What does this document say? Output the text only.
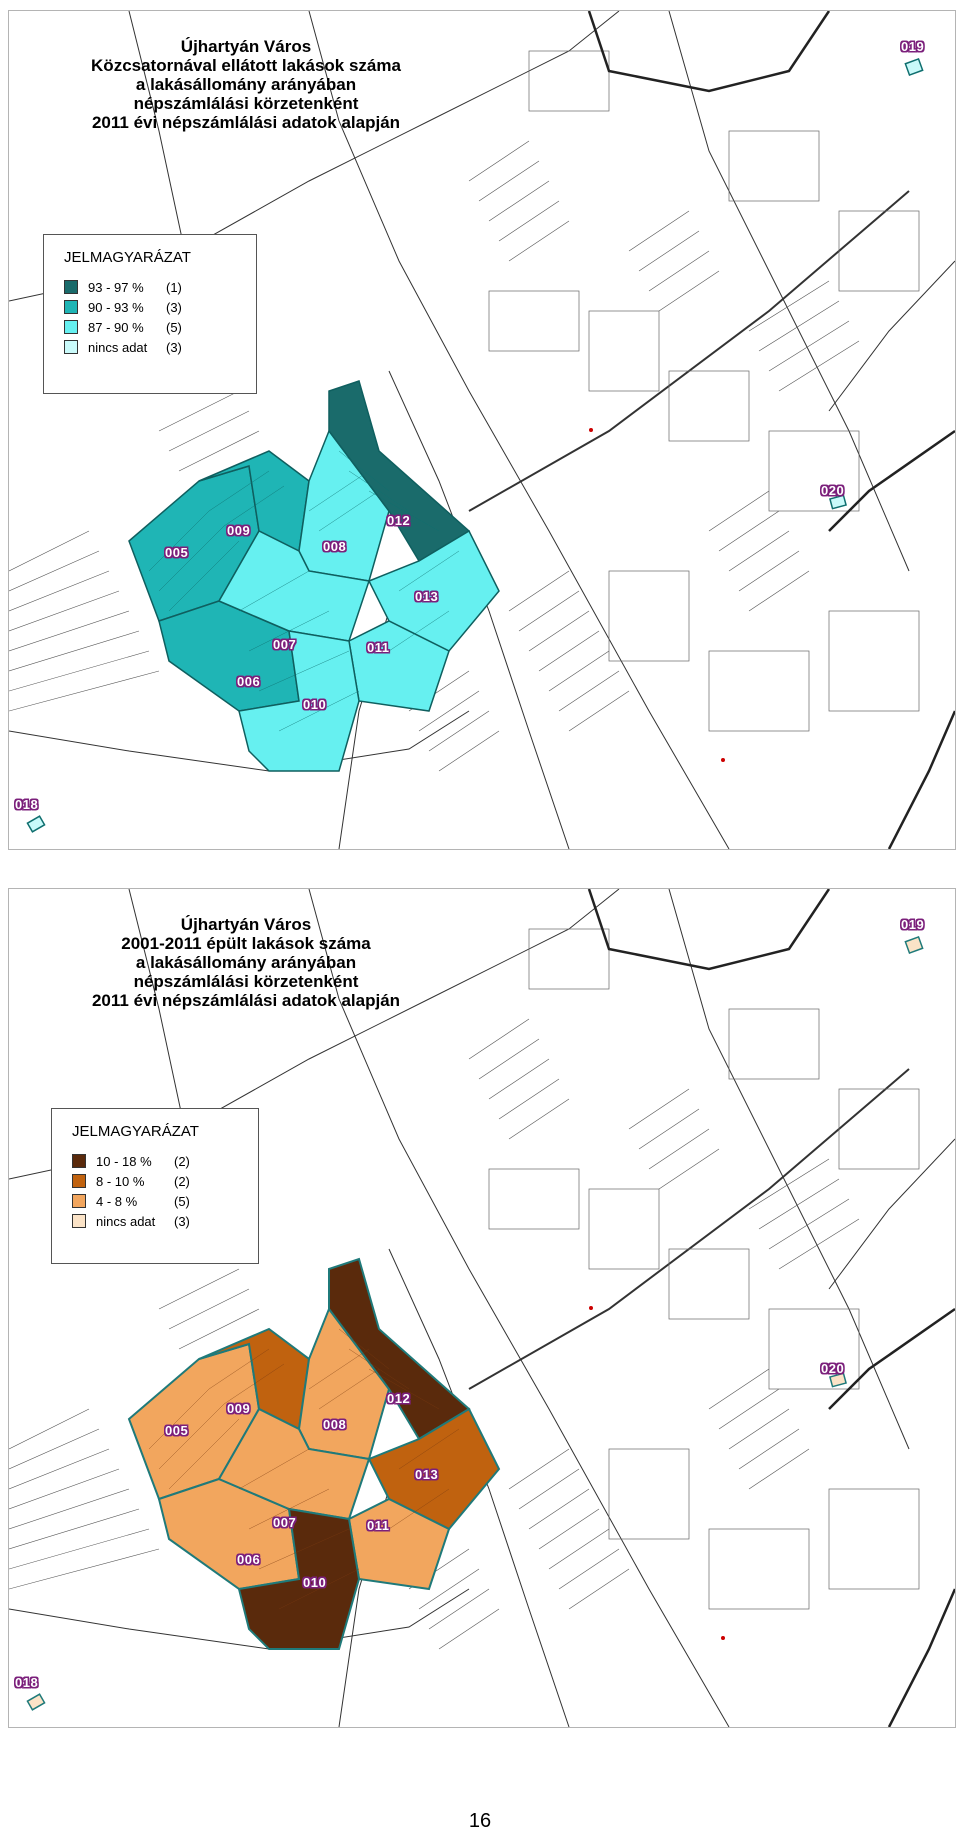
Újhartyán Város
Közcsatornával ellátott lakások száma
a lakásállomány arányában
népszámlálási körzetenként
2011 évi népszámlálási adatok alapján
JELMAGYARÁZAT
93 - 97 %	(1)
90 - 93 %	(3)
87 - 90 %	(5)
nincs adat	(3)
005
006
007
008
009
010
011
012
013
018
019
020
Újhartyán Város
2001-2011 épült lakások száma
a lakásállomány arányában
népszámlálási körzetenként
2011 évi népszámlálási adatok alapján
JELMAGYARÁZAT
10 - 18 %	(2)
8 - 10 %	(2)
4 - 8 %	(5)
nincs adat	(3)
005
006
007
008
009
010
011
012
013
018
019
020
16
